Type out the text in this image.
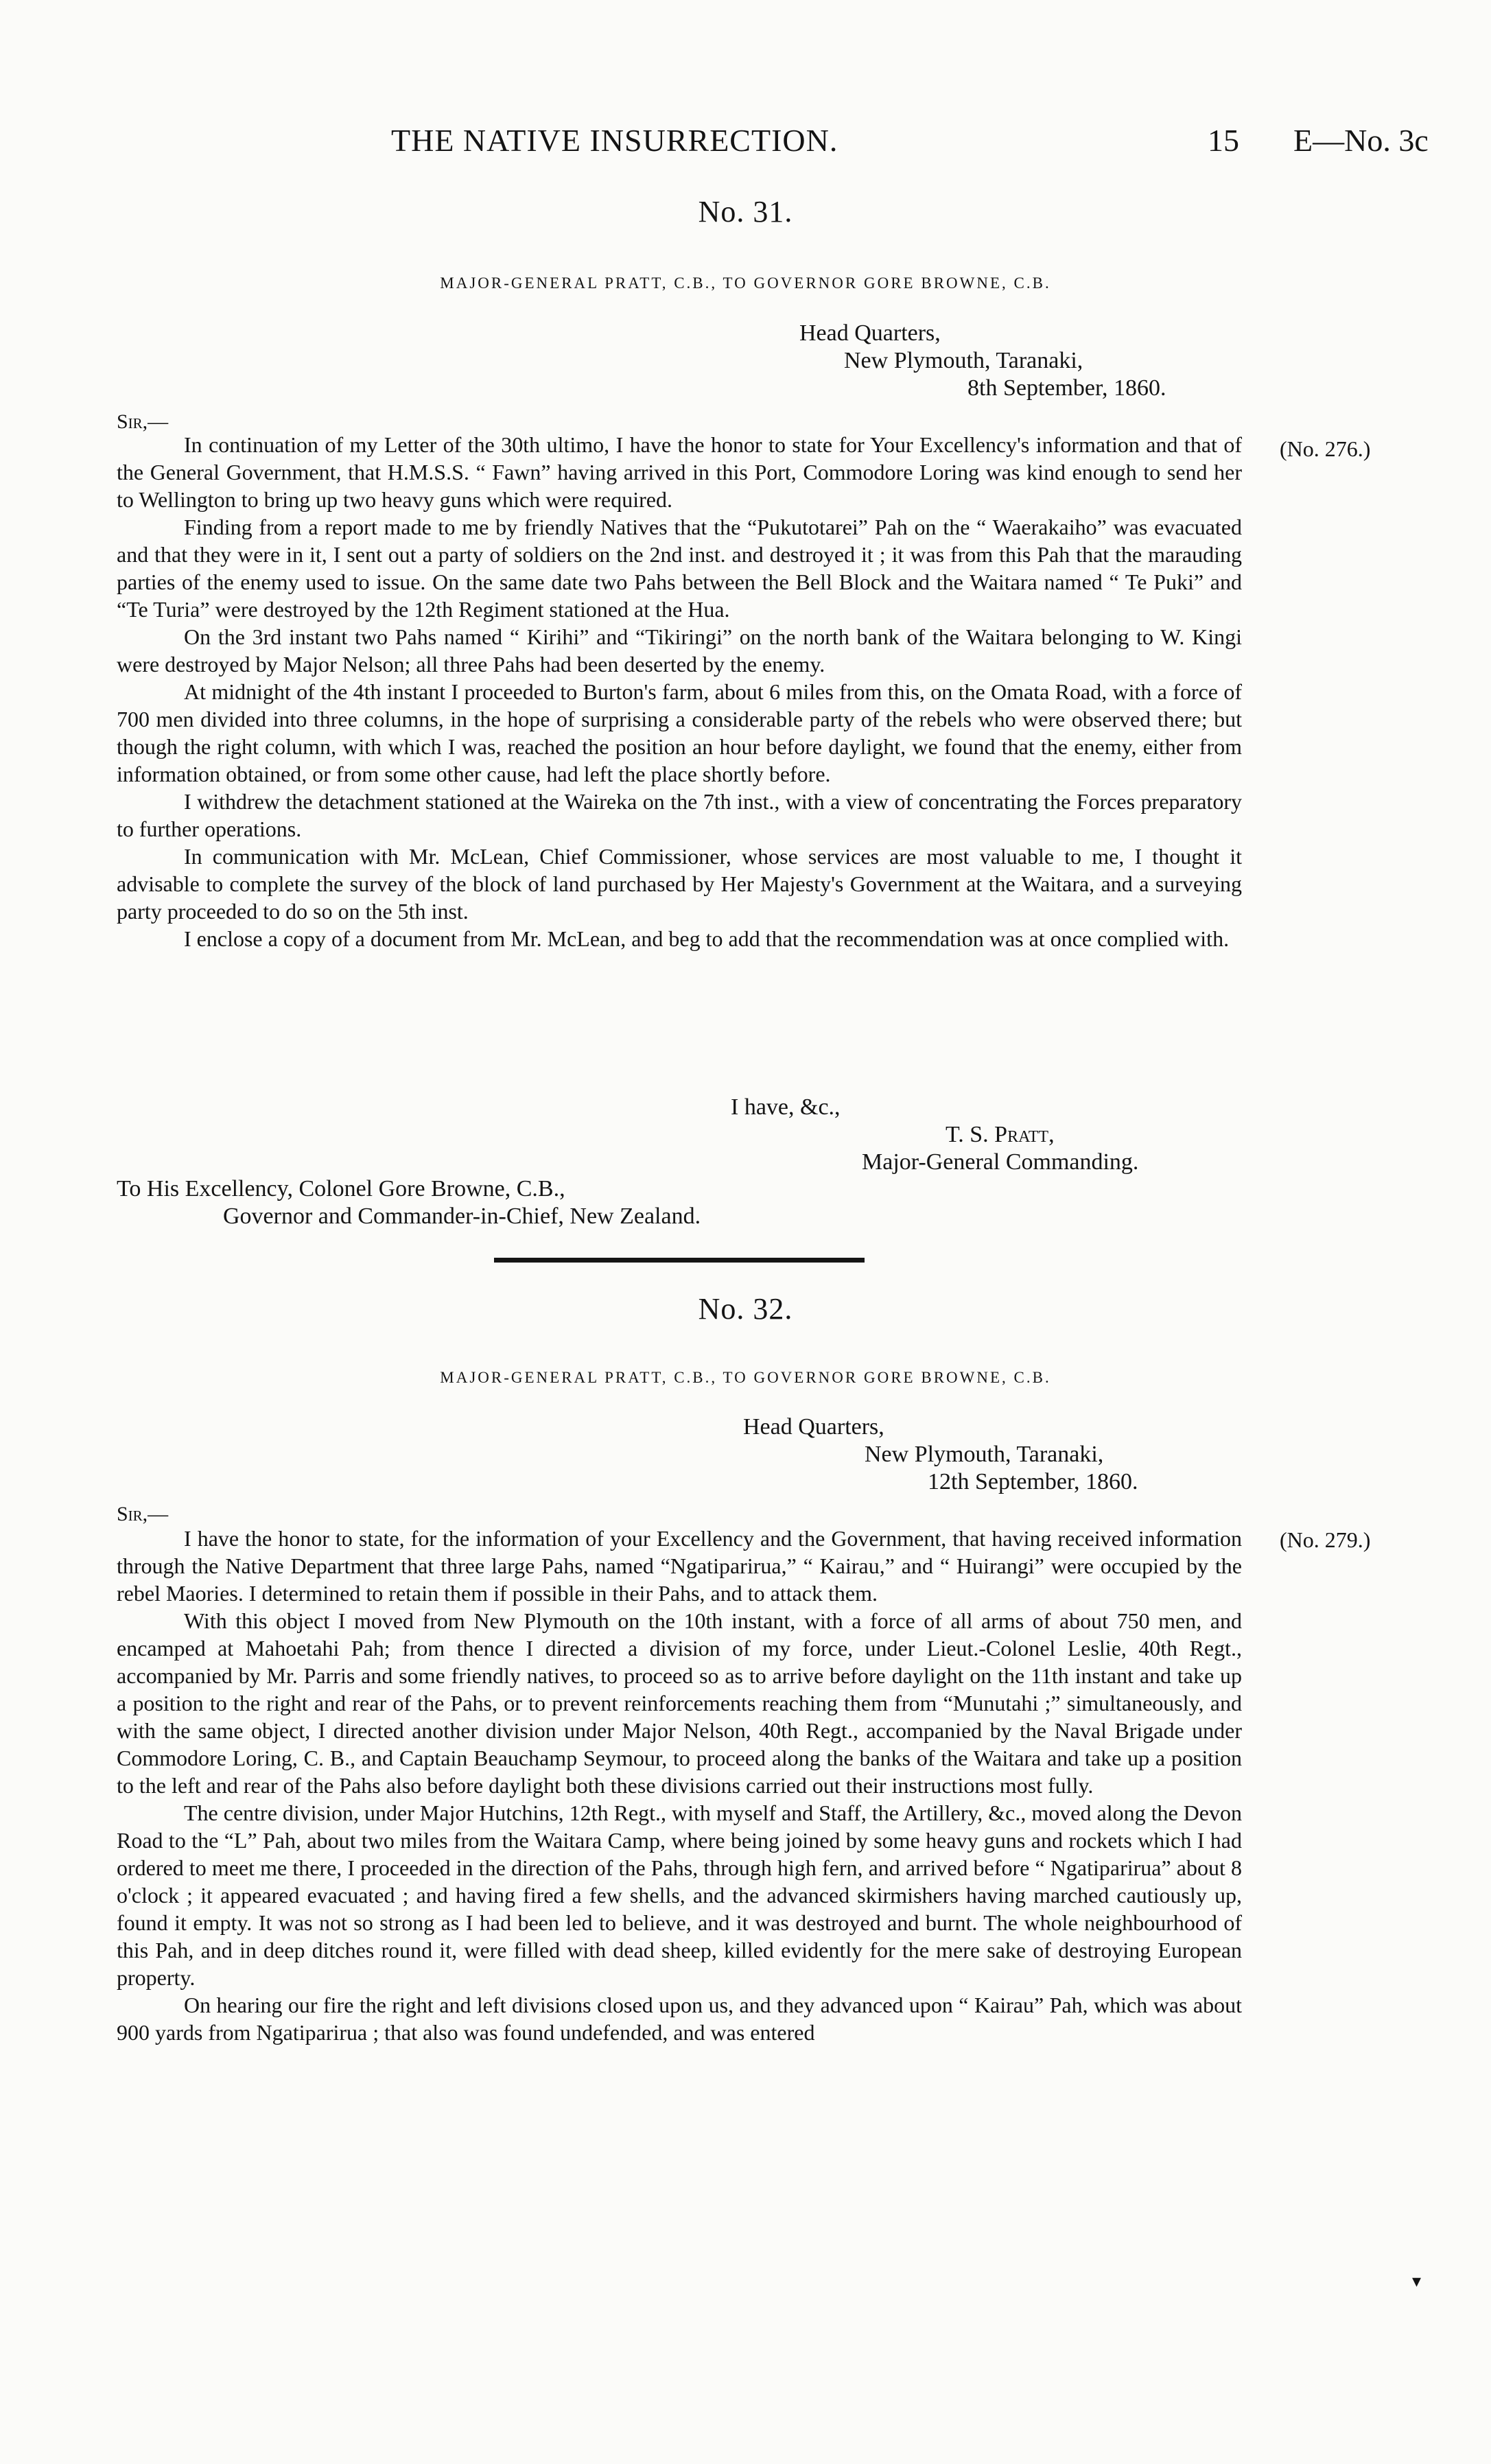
THE NATIVE INSURRECTION.	15 E—No. 3c
No. 31.
MAJOR-GENERAL PRATT, C.B., TO GOVERNOR GORE BROWNE, C.B.
Head Quarters,
New Plymouth, Taranaki,
8th September, 1860.
Sir,—
(No. 276.)

In continuation of my Letter of the 30th ultimo, I have the honor to state for Your Excellency's information and that of the General Government, that H.M.S.S. “ Fawn” having arrived in this Port, Commodore Loring was kind enough to send her to Wellington to bring up two heavy guns which were required.

Finding from a report made to me by friendly Natives that the “Pukutotarei” Pah on the “ Waerakaiho” was evacuated and that they were in it, I sent out a party of soldiers on the 2nd inst. and destroyed it ; it was from this Pah that the marauding parties of the enemy used to issue. On the same date two Pahs between the Bell Block and the Waitara named “ Te Puki” and “Te Turia” were destroyed by the 12th Regiment stationed at the Hua.

On the 3rd instant two Pahs named “ Kirihi” and “Tikiringi” on the north bank of the Waitara belonging to W. Kingi were destroyed by Major Nelson; all three Pahs had been deserted by the enemy.

At midnight of the 4th instant I proceeded to Burton's farm, about 6 miles from this, on the Omata Road, with a force of 700 men divided into three columns, in the hope of surprising a considerable party of the rebels who were observed there; but though the right column, with which I was, reached the position an hour before daylight, we found that the enemy, either from information obtained, or from some other cause, had left the place shortly before.

I withdrew the detachment stationed at the Waireka on the 7th inst., with a view of concentrating the Forces preparatory to further operations.

In communication with Mr. McLean, Chief Commissioner, whose services are most valuable to me, I thought it advisable to complete the survey of the block of land purchased by Her Majesty's Government at the Waitara, and a surveying party proceeded to do so on the 5th inst.

I enclose a copy of a document from Mr. McLean, and beg to add that the recommendation was at once complied with.

I have, &c.,
T. S. Pratt,
Major-General Commanding.
To His Excellency, Colonel Gore Browne, C.B.,
Governor and Commander-in-Chief, New Zealand.
No. 32.
MAJOR-GENERAL PRATT, C.B., TO GOVERNOR GORE BROWNE, C.B.
Head Quarters,
New Plymouth, Taranaki,
12th September, 1860.
Sir,—
(No. 279.)

I have the honor to state, for the information of your Excellency and the Government, that having received information through the Native Department that three large Pahs, named “Ngatiparirua,” “ Kairau,” and “ Huirangi” were occupied by the rebel Maories. I determined to retain them if possible in their Pahs, and to attack them.

With this object I moved from New Plymouth on the 10th instant, with a force of all arms of about 750 men, and encamped at Mahoetahi Pah; from thence I directed a division of my force, under Lieut.-Colonel Leslie, 40th Regt., accompanied by Mr. Parris and some friendly natives, to proceed so as to arrive before daylight on the 11th instant and take up a position to the right and rear of the Pahs, or to prevent reinforcements reaching them from “Munutahi ;” simultaneously, and with the same object, I directed another division under Major Nelson, 40th Regt., accompanied by the Naval Brigade under Commodore Loring, C. B., and Captain Beauchamp Seymour, to proceed along the banks of the Waitara and take up a position to the left and rear of the Pahs also before daylight both these divisions carried out their instructions most fully.

The centre division, under Major Hutchins, 12th Regt., with myself and Staff, the Artillery, &c., moved along the Devon Road to the “L” Pah, about two miles from the Waitara Camp, where being joined by some heavy guns and rockets which I had ordered to meet me there, I proceeded in the direction of the Pahs, through high fern, and arrived before “ Ngatiparirua” about 8 o'clock ; it appeared evacuated ; and having fired a few shells, and the advanced skirmishers having marched cautiously up, found it empty. It was not so strong as I had been led to believe, and it was destroyed and burnt. The whole neighbourhood of this Pah, and in deep ditches round it, were filled with dead sheep, killed evidently for the mere sake of destroying European property.

On hearing our fire the right and left divisions closed upon us, and they advanced upon “ Kairau” Pah, which was about 900 yards from Ngatiparirua ; that also was found undefended, and was entered

▾
